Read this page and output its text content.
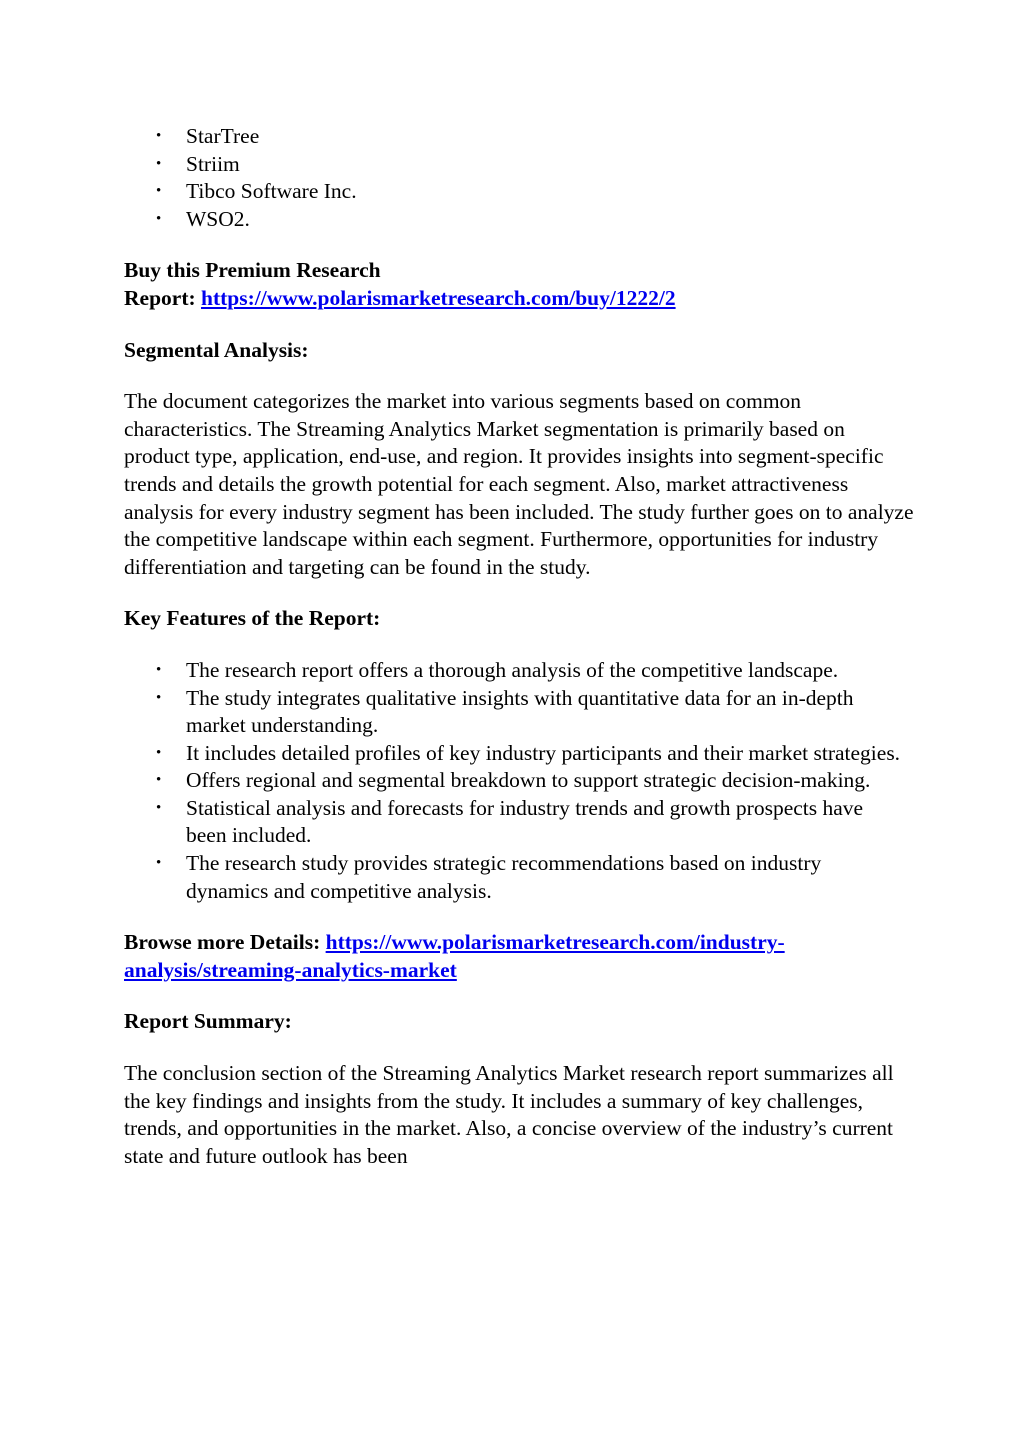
• StarTree
• Striim
• Tibco Software Inc.
• WSO2.

Buy this Premium Research
Report: https://www.polarismarketresearch.com/buy/1222/2

Segmental Analysis:

The document categorizes the market into various segments based on common characteristics. The Streaming Analytics Market segmentation is primarily based on product type, application, end-use, and region. It provides insights into segment-specific trends and details the growth potential for each segment. Also, market attractiveness analysis for every industry segment has been included. The study further goes on to analyze the competitive landscape within each segment. Furthermore, opportunities for industry differentiation and targeting can be found in the study.

Key Features of the Report:

• The research report offers a thorough analysis of the competitive landscape.
• The study integrates qualitative insights with quantitative data for an in-depth market understanding.
• It includes detailed profiles of key industry participants and their market strategies.
• Offers regional and segmental breakdown to support strategic decision-making.
• Statistical analysis and forecasts for industry trends and growth prospects have been included.
• The research study provides strategic recommendations based on industry dynamics and competitive analysis.

Browse more Details: https://www.polarismarketresearch.com/industry-
analysis/streaming-analytics-market

Report Summary:

The conclusion section of the Streaming Analytics Market research report summarizes all the key findings and insights from the study. It includes a summary of key challenges, trends, and opportunities in the market. Also, a concise overview of the industry’s current state and future outlook has been
